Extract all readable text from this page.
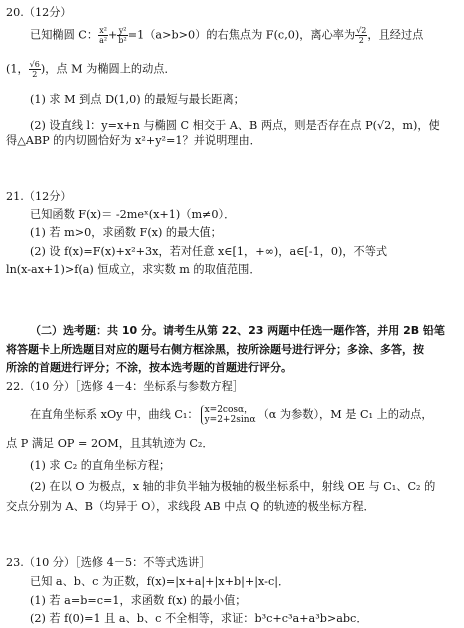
20.（12分）
已知椭圆 C： $\frac{\text{x²}}{\text{a²}} + \frac{\text{y²}}{\text{b²}} =1(a>b>0)$的右焦点为 F(c,0)，离心率为 $\frac{√2}{2}$ ，且经过点
(1， $\frac{√6}{2}$ )，点 M 为椭圆上的动点．
(1) 求 M 到点 D(1,0) 的最短与最长距离；
(2) 设直线 l：y=x+n 与椭圆 C 相交于 A、B 两点，则是否存在点 P(√2，m)，使
得△ABP 的内切圆恰好为 x²+y²=1？并说明理由．
21.（12分）
已知函数 F(x)＝ -2meˣ(x+1)（m≠0）．
(1) 若 m>0，求函数 F(x) 的最大值；
(2) 设 f(x)=F(x)+x²+3x，若对任意 x∈[1，+∞)，a∈[-1，0)，不等式
ln(x-ax+1)>f(a) 恒成立，求实数 m 的取值范围．
（二）选考题：共 10 分。请考生从第 22、23 两题中任选一题作答，并用 2B 铅笔
将答题卡上所选题目对应的题号右侧方框涂黑，按所涂题号进行评分；多涂、多答，按
所涂的首题进行评分；不涂，按本选考题的首题进行评分。
22.（10 分）［选修 4－4：坐标系与参数方程］
在直角坐标系 xOy 中，曲线 C₁： x=2cosα，
y=2+2sinα （α 为参数），M 是 C₁ 上的动点，
点 P 满足 OP = 2OM，且其轨迹为 C₂．
(1) 求 C₂ 的直角坐标方程；
(2) 在以 O 为极点，x 轴的非负半轴为极轴的极坐标系中，射线 OE 与 C₁、C₂ 的
交点分别为 A、B（均异于 O），求线段 AB 中点 Q 的轨迹的极坐标方程．
23.（10 分）［选修 4－5：不等式选讲］
已知 a、b、c 为正数，f(x)=|x+a|+|x+b|+|x-c|．
(1) 若 a=b=c=1，求函数 f(x) 的最小值；
(2) 若 f(0)=1 且 a、b、c 不全相等，求证：b³c+c³a+a³b>abc．
